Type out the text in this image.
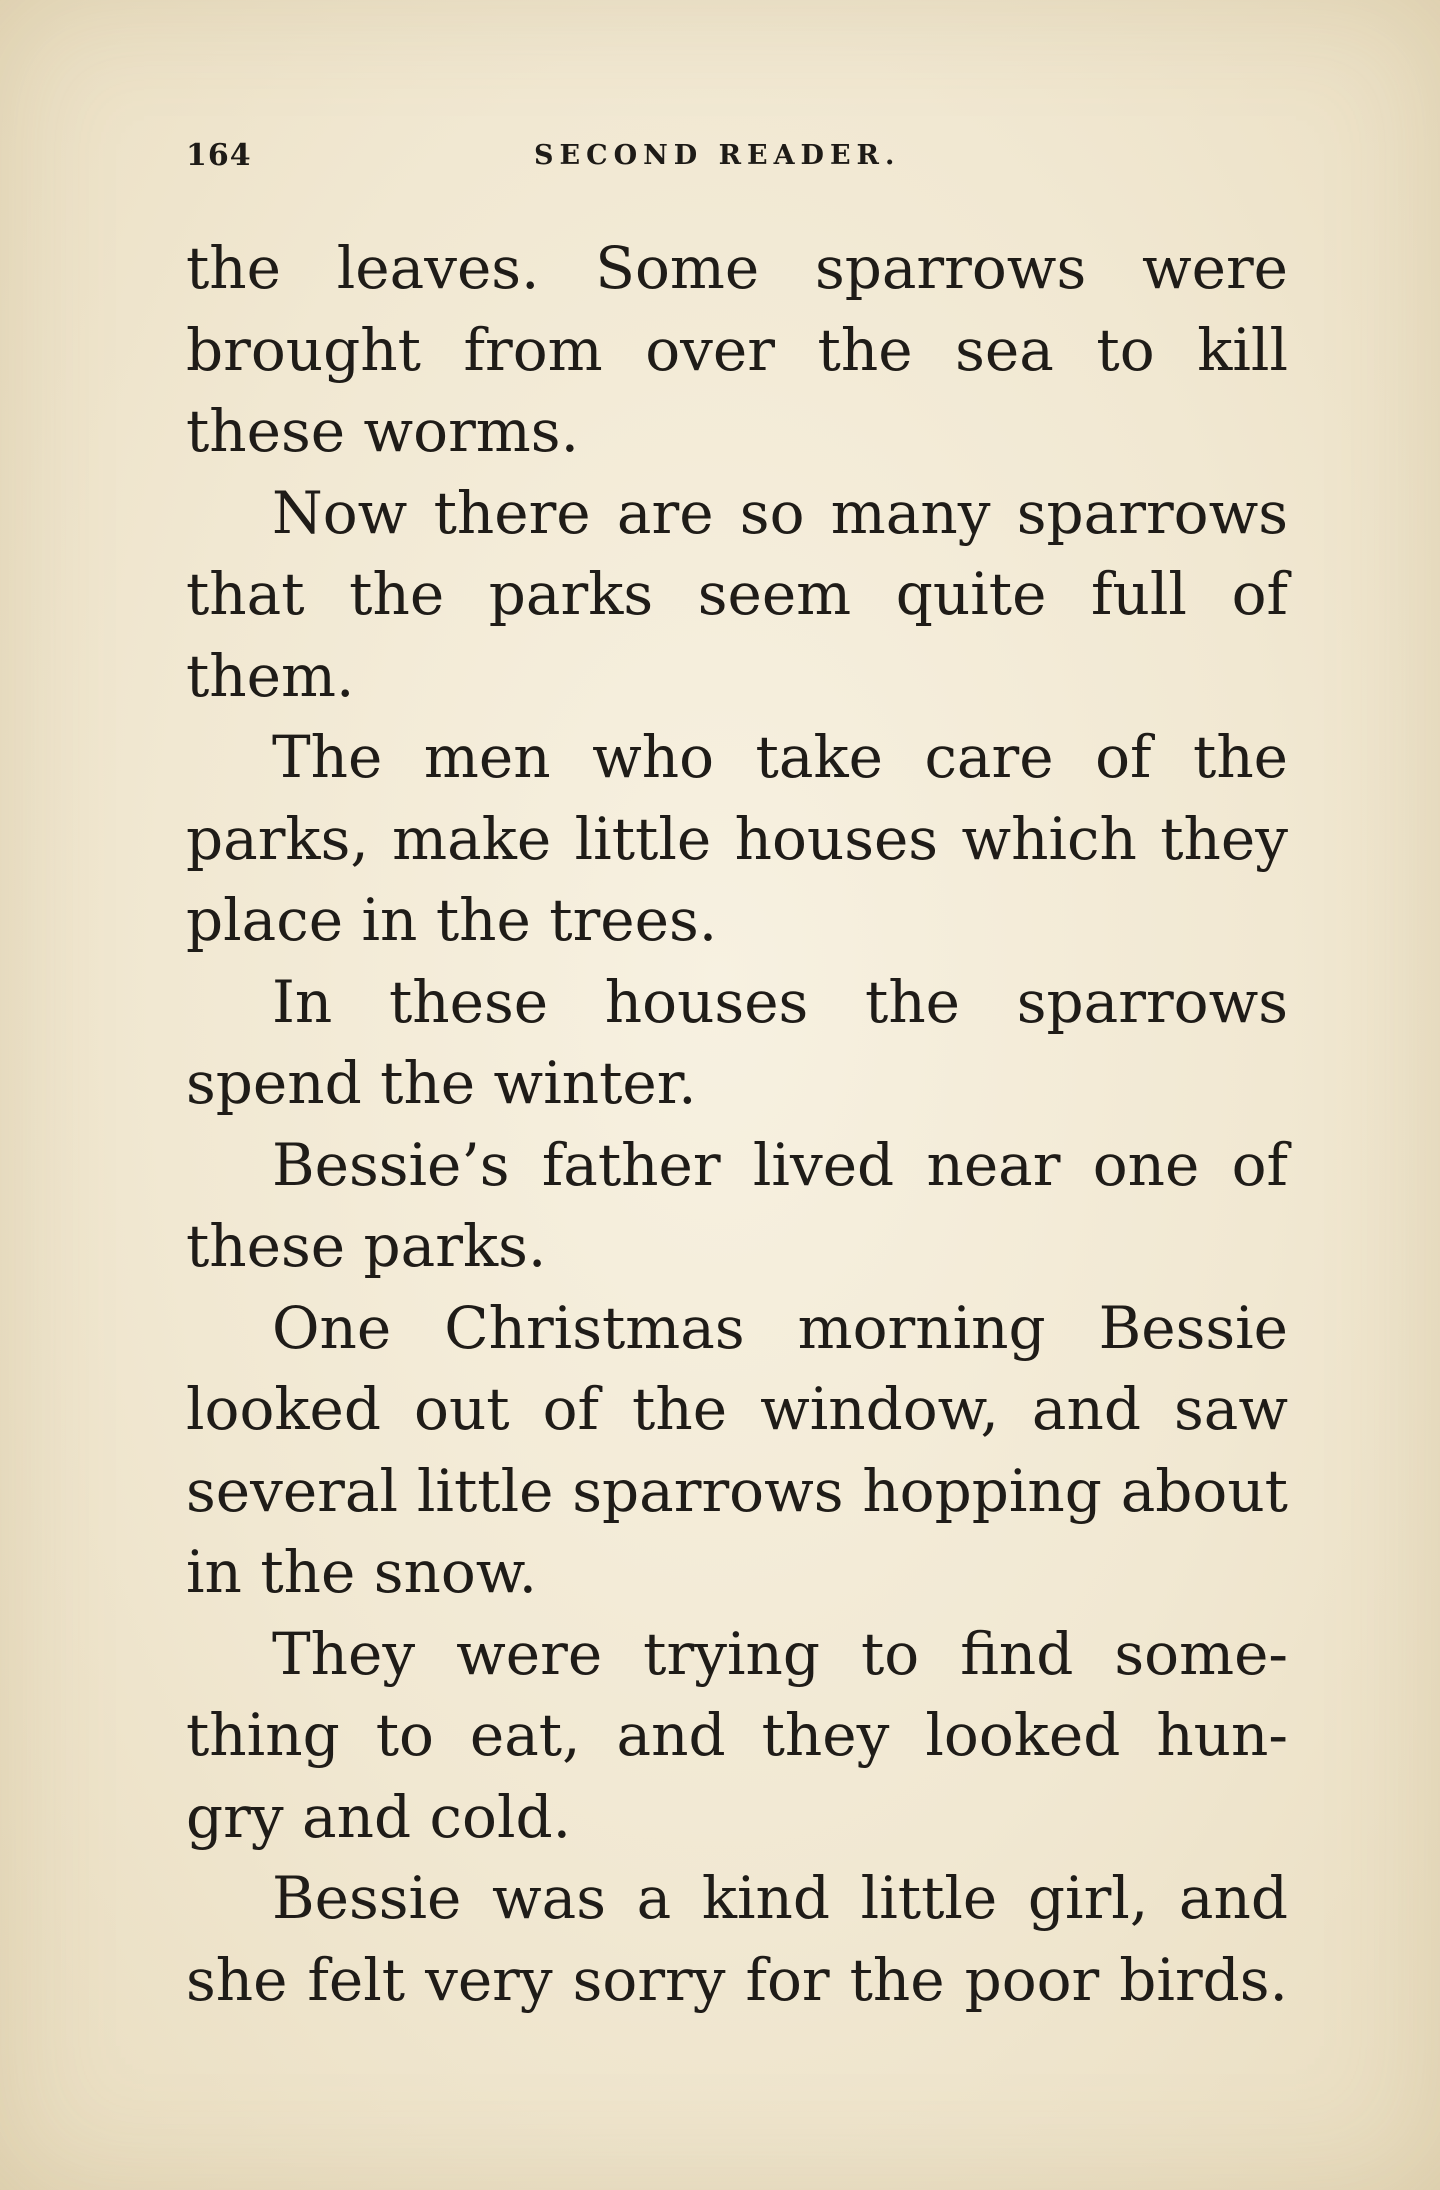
164	SECOND READER.
the leaves. Some sparrows were
brought from over the sea to kill
these worms.
Now there are so many sparrows
that the parks seem quite full of
them.
The men who take care of the
parks, make little houses which they
place in the trees.
In these houses the sparrows
spend the winter.
Bessie’s father lived near one of
these parks.
One Christmas morning Bessie
looked out of the window, and saw
several little sparrows hopping about
in the snow.
They were trying to find some-
thing to eat, and they looked hun-
gry and cold.
Bessie was a kind little girl, and
she felt very sorry for the poor birds.
